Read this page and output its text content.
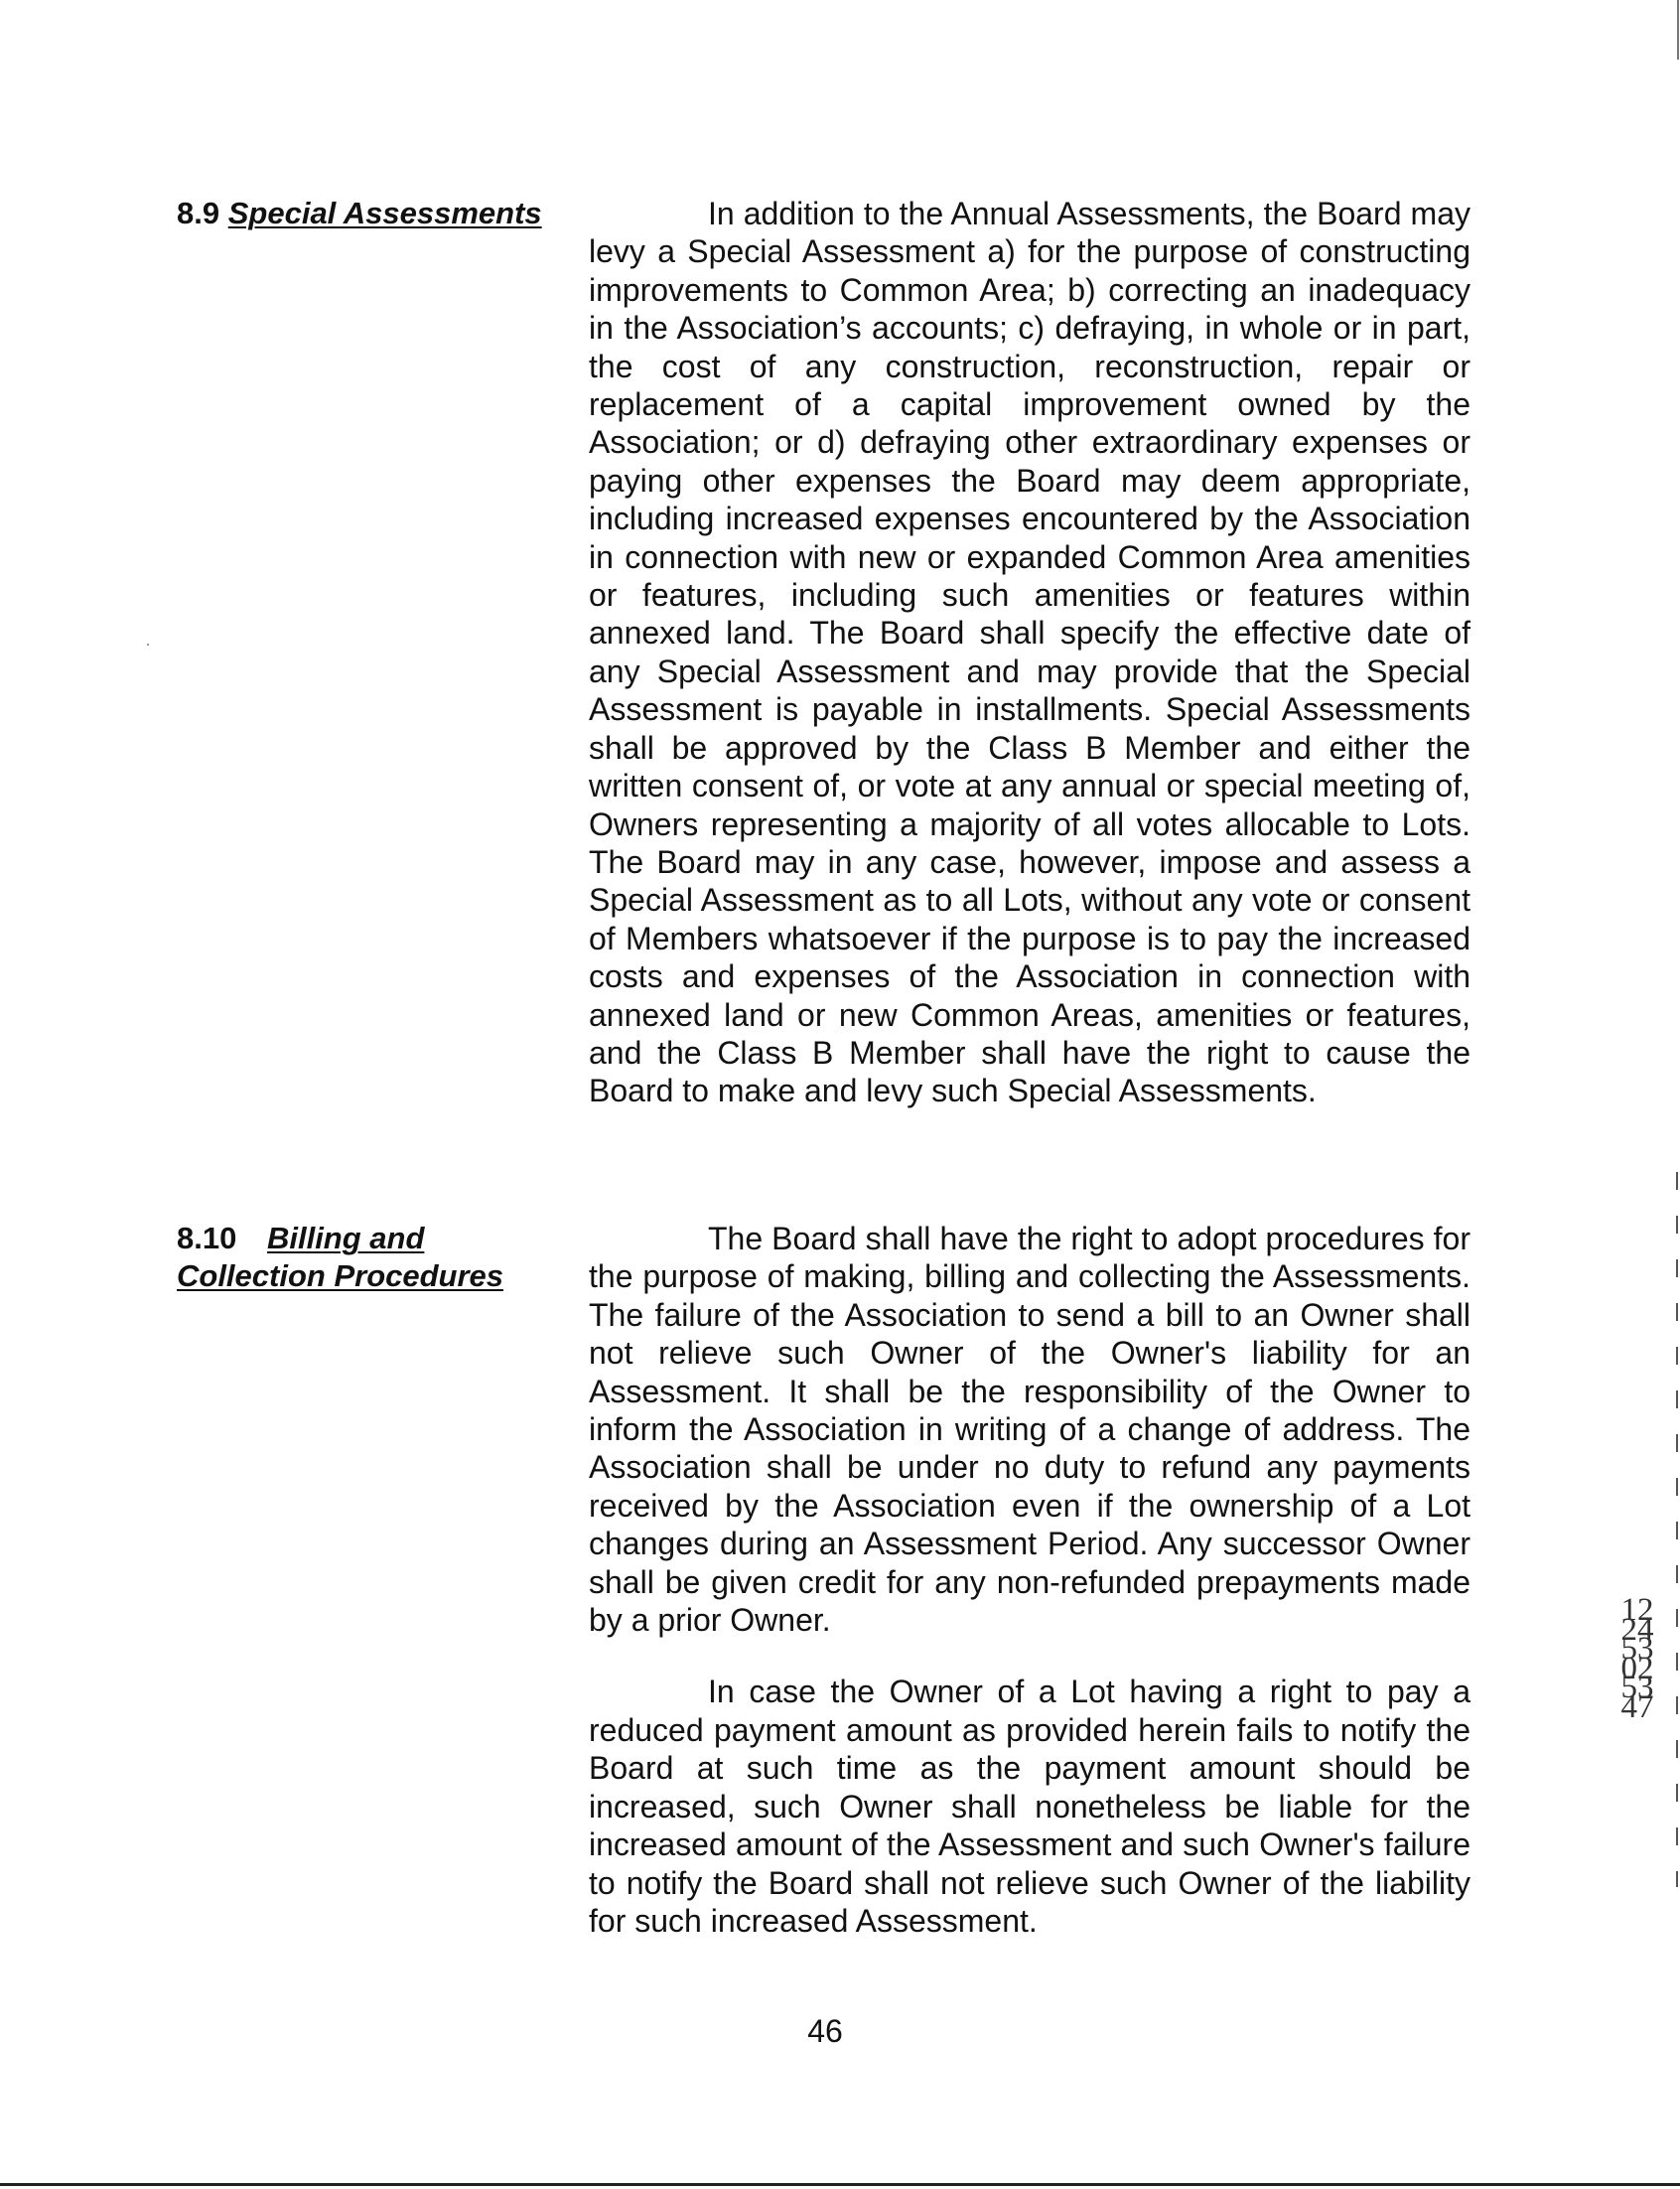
8.9 Special Assessments	In addition to the Annual Assessments, the Board may levy a Special Assessment a) for the purpose of constructing improvements to Common Area; b) correcting an inadequacy in the Association’s accounts; c) defraying, in whole or in part, the cost of any construction, reconstruction, repair or replacement of a capital improvement owned by the Association; or d) defraying other extraordinary expenses or paying other expenses the Board may deem appropriate, including increased expenses encountered by the Association in connection with new or expanded Common Area amenities or features, including such amenities or features within annexed land. The Board shall specify the effective date of any Special Assessment and may provide that the Special Assessment is payable in installments. Special Assessments shall be approved by the Class B Member and either the written consent of, or vote at any annual or special meeting of, Owners representing a majority of all votes allocable to Lots. The Board may in any case, however, impose and assess a Special Assessment as to all Lots, without any vote or consent of Members whatsoever if the purpose is to pay the increased costs and expenses of the Association in connection with annexed land or new Common Areas, amenities or features, and the Class B Member shall have the right to cause the Board to make and levy such Special Assessments.

8.10 Billing and Collection Procedures

The Board shall have the right to adopt procedures for the purpose of making, billing and collecting the Assessments. The failure of the Association to send a bill to an Owner shall not relieve such Owner of the Owner's liability for an Assessment. It shall be the responsibility of the Owner to inform the Association in writing of a change of address. The Association shall be under no duty to refund any payments received by the Association even if the ownership of a Lot changes during an Assessment Period. Any successor Owner shall be given credit for any non-refunded prepayments made by a prior Owner.

In case the Owner of a Lot having a right to pay a reduced payment amount as provided herein fails to notify the Board at such time as the payment amount should be increased, such Owner shall nonetheless be liable for the increased amount of the Assessment and such Owner's failure to notify the Board shall not relieve such Owner of the liability for such increased Assessment.

46
122453 025347
